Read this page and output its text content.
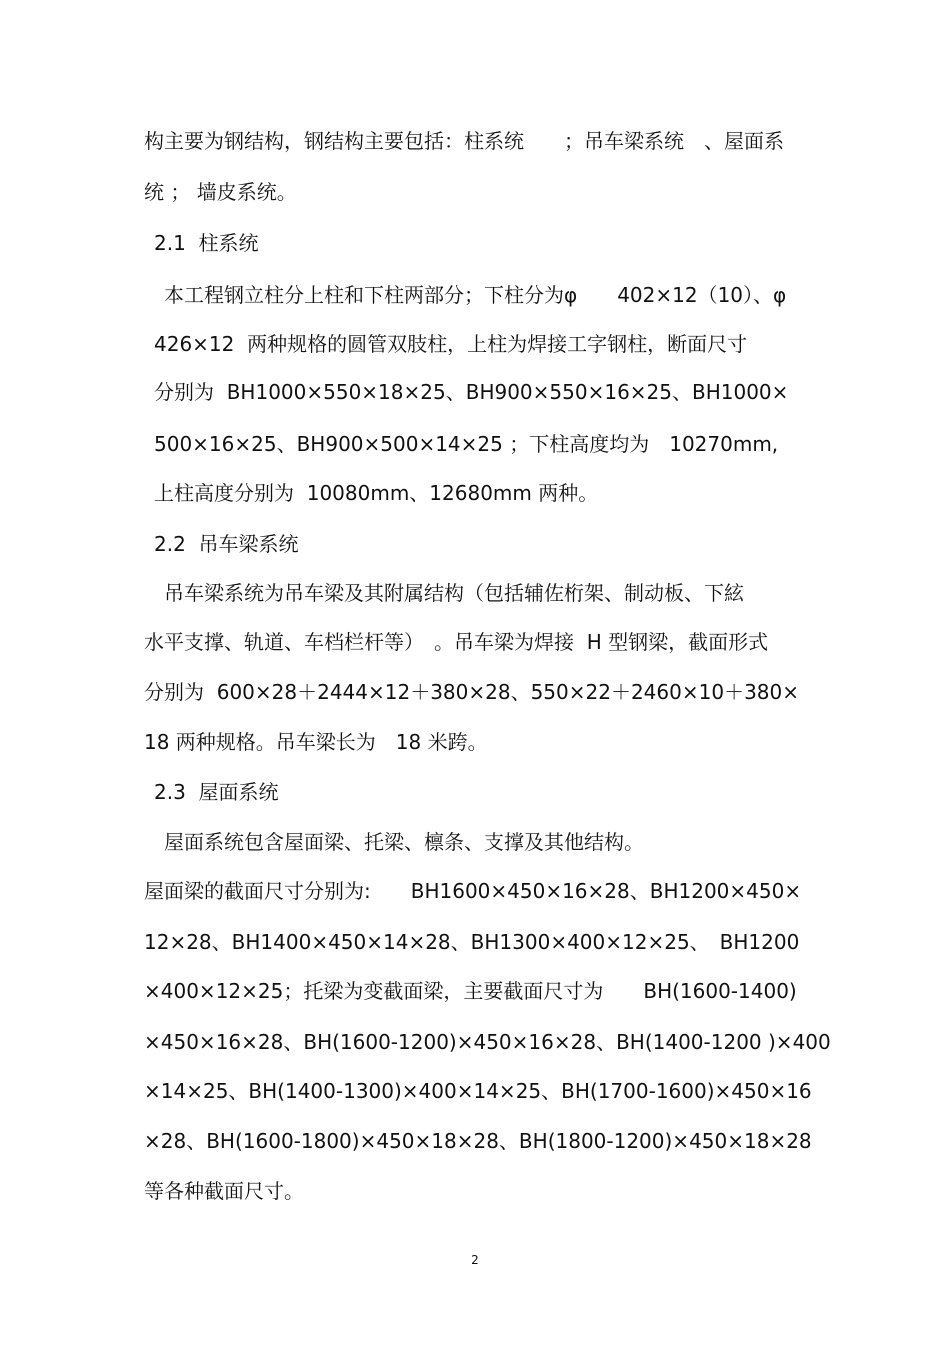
构主要为钢结构，钢结构主要包括：柱系统　　；吊车梁系统　、屋面系
统 ； 墙皮系统。
2.1  柱系统
本工程钢立柱分上柱和下柱两部分；下柱分为φ　　402×12（10）、φ
426×12  两种规格的圆管双肢柱，上柱为焊接工字钢柱，断面尺寸
分别为  BH1000×550×18×25、BH900×550×16×25、BH1000×
500×16×25、BH900×500×14×25 ；下柱高度均为　10270mm,
上柱高度分别为  10080mm、12680mm 两种。
2.2  吊车梁系统
吊车梁系统为吊车梁及其附属结构（包括辅佐桁架、制动板、下絃
水平支撑、轨道、车档栏杆等）　。吊车梁为焊接  H 型钢梁，截面形式
分别为  600×28＋2444×12＋380×28、550×22＋2460×10＋380×
18 两种规格。吊车梁长为　18 米跨。
2.3  屋面系统
屋面系统包含屋面梁、托梁、檩条、支撑及其他结构。
屋面梁的截面尺寸分别为:　　BH1600×450×16×28、BH1200×450×
12×28、BH1400×450×14×28、BH1300×400×12×25、　BH1200
×400×12×25；托梁为变截面梁，主要截面尺寸为　　BH(1600-1400)
×450×16×28、BH(1600-1200)×450×16×28、BH(1400-1200 )×400
×14×25、BH(1400-1300)×400×14×25、BH(1700-1600)×450×16
×28、BH(1600-1800)×450×18×28、BH(1800-1200)×450×18×28
等各种截面尺寸。
2
